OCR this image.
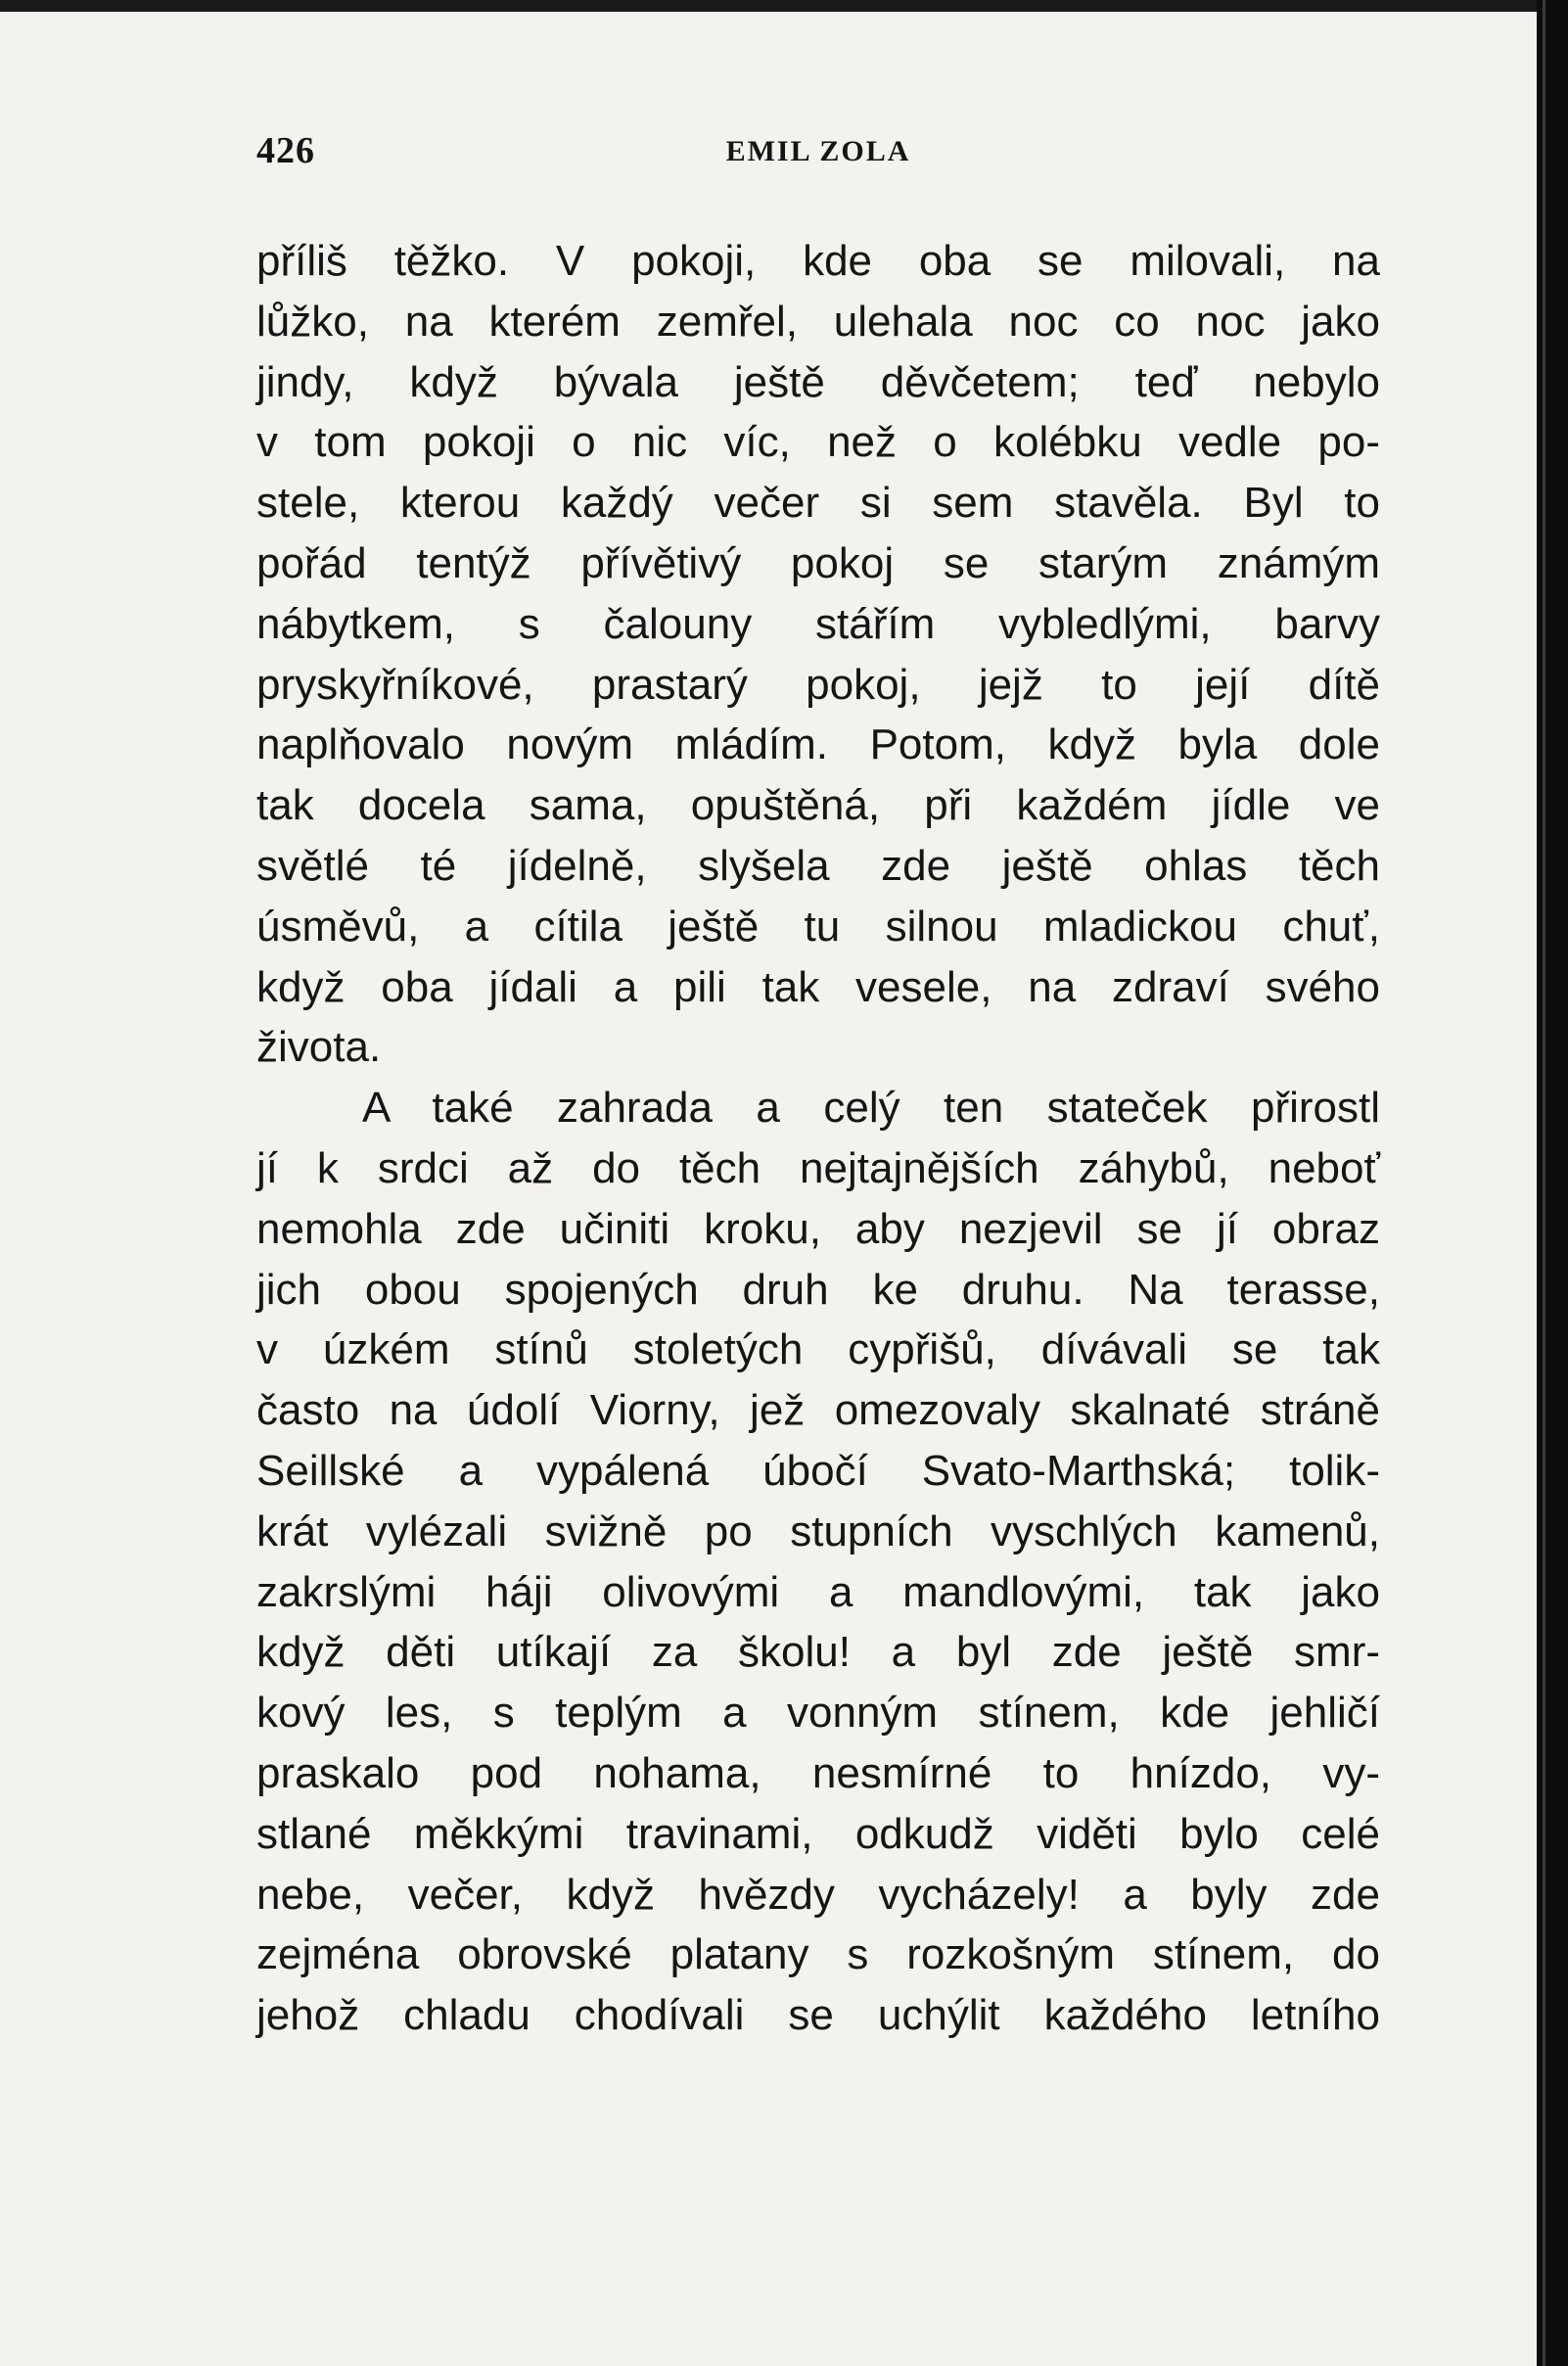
426	EMIL ZOLA
příliš těžko. V pokoji, kde oba se milovali, na
lůžko, na kterém zemřel, ulehala noc co noc jako
jindy, když bývala ještě děvčetem; teď nebylo
v tom pokoji o nic víc, než o kolébku vedle po-
stele, kterou každý večer si sem stavěla. Byl to
pořád tentýž přívětivý pokoj se starým známým
nábytkem, s čalouny stářím vybledlými, barvy
pryskyřníkové, prastarý pokoj, jejž to její dítě
naplňovalo novým mládím. Potom, když byla dole
tak docela sama, opuštěná, při každém jídle ve
světlé té jídelně, slyšela zde ještě ohlas těch
úsměvů, a cítila ještě tu silnou mladickou chuť,
když oba jídali a pili tak vesele, na zdraví svého
života.
A také zahrada a celý ten stateček přirostl
jí k srdci až do těch nejtajnějších záhybů, neboť
nemohla zde učiniti kroku, aby nezjevil se jí obraz
jich obou spojených druh ke druhu. Na terasse,
v úzkém stínů stoletých cypřišů, dívávali se tak
často na údolí Viorny, jež omezovaly skalnaté stráně
Seillské a vypálená úbočí Svato-Marthská; tolik-
krát vylézali svižně po stupních vyschlých kamenů,
zakrslými háji olivovými a mandlovými, tak jako
když děti utíkají za školu! a byl zde ještě smr-
kový les, s teplým a vonným stínem, kde jehličí
praskalo pod nohama, nesmírné to hnízdo, vy-
stlané měkkými travinami, odkudž viděti bylo celé
nebe, večer, když hvězdy vycházely! a byly zde
zejména obrovské platany s rozkošným stínem, do
jehož chladu chodívali se uchýlit každého letního
